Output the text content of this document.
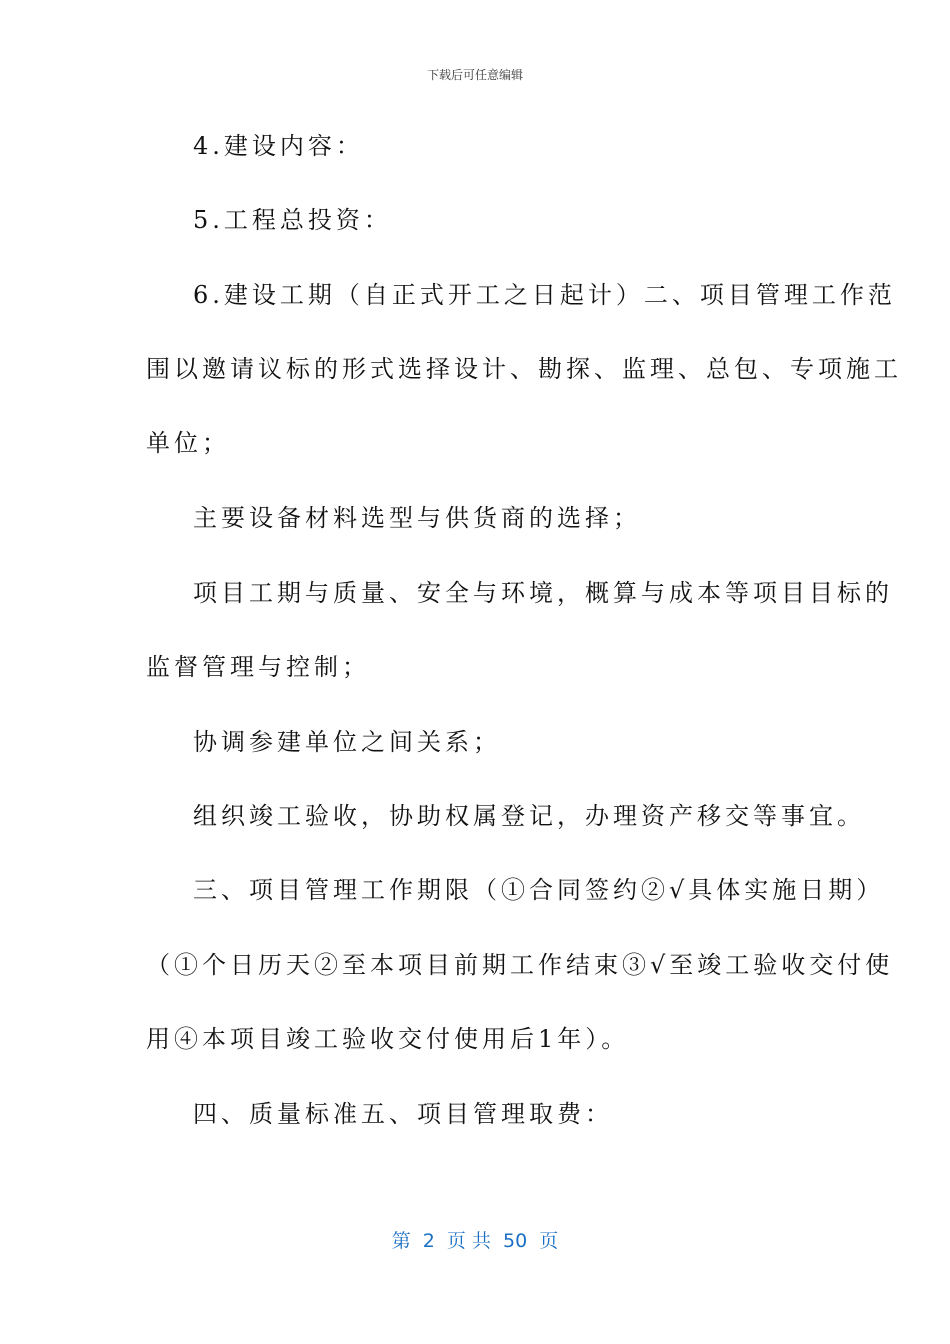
下载后可任意编辑
4.建设内容：
5.工程总投资：
6.建设工期（自正式开工之日起计）二、项目管理工作范
围以邀请议标的形式选择设计、勘探、监理、总包、专项施工
单位；
主要设备材料选型与供货商的选择；
项目工期与质量、安全与环境，概算与成本等项目目标的
监督管理与控制；
协调参建单位之间关系；
组织竣工验收，协助权属登记，办理资产移交等事宜。
三、项目管理工作期限（①合同签约②√具体实施日期）
（①个日历天②至本项目前期工作结束③√至竣工验收交付使
用④本项目竣工验收交付使用后1年）。
四、质量标准五、项目管理取费：
第  2  页 共  50  页
